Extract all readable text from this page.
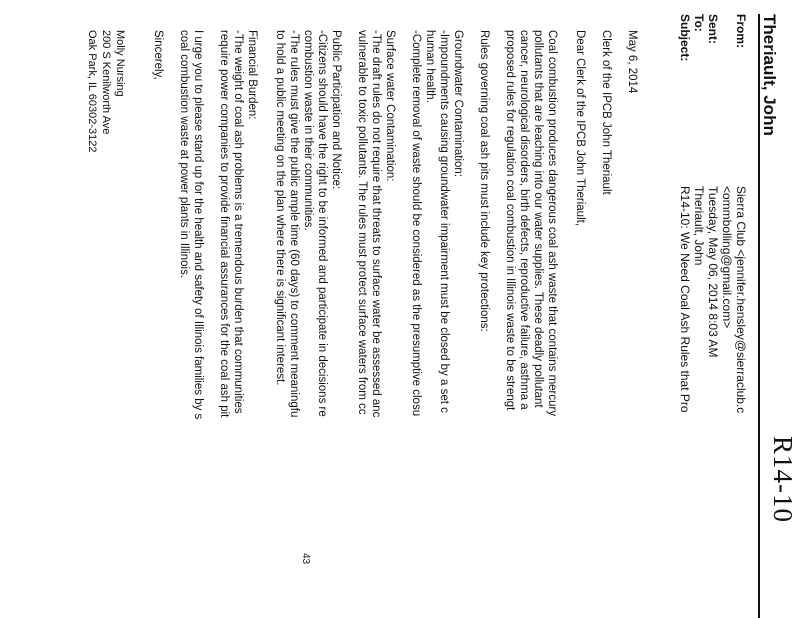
R14-10
Theriault, John
From:
Sierra Club <jennifer.hensley@sierraclub.c
<ommbolling@gmail.com>
Sent:
Tuesday, May 06, 2014 8:03 AM
To:
Theriault, John
Subject:
R14-10: We Need Coal Ash Rules that Pro
May 6, 2014
Clerk of the IPCB John Theriault
Dear Clerk of the IPCB John Theriault,
Coal combustion produces dangerous coal ash waste that contains mercury
pollutants that are leaching into our water supplies. These deadly pollutant
cancer, neurological disorders, birth defects, reproductive failure, asthma a
proposed rules for regulation coal combustion in Illinois waste to be strengt
Rules governing coal ash pits must include key protections:
Groundwater Contamination:
-Impoundments causing groundwater impairment must be closed by a set c
human health.
-Complete removal of waste should be considered as the presumptive closu
Surface water Contamination:
-The draft rules do not require that threats to surface water be assessed anc
vulnerable to toxic pollutants. The rules must protect surface waters from cc
Public Participation and Notice:
-Citizens should have the right to be informed and participate in decisions re
combustion waste in their communities.
-The rules must give the public ample time (60 days) to comment meaningfu
to hold a public meeting on the plan where there is significant interest.
Financial Burden:
-The weight of coal ash problems is a tremendous burden that communities
require power companies to provide financial assurances for the coal ash pit
I urge you to please stand up for the health and safety of Illinois families by s
coal combustion waste at power plants in Illinois.
Sincerely,
Molly Nursing
200 S Kenilworth Ave
Oak Park, IL 60302-3122
43
